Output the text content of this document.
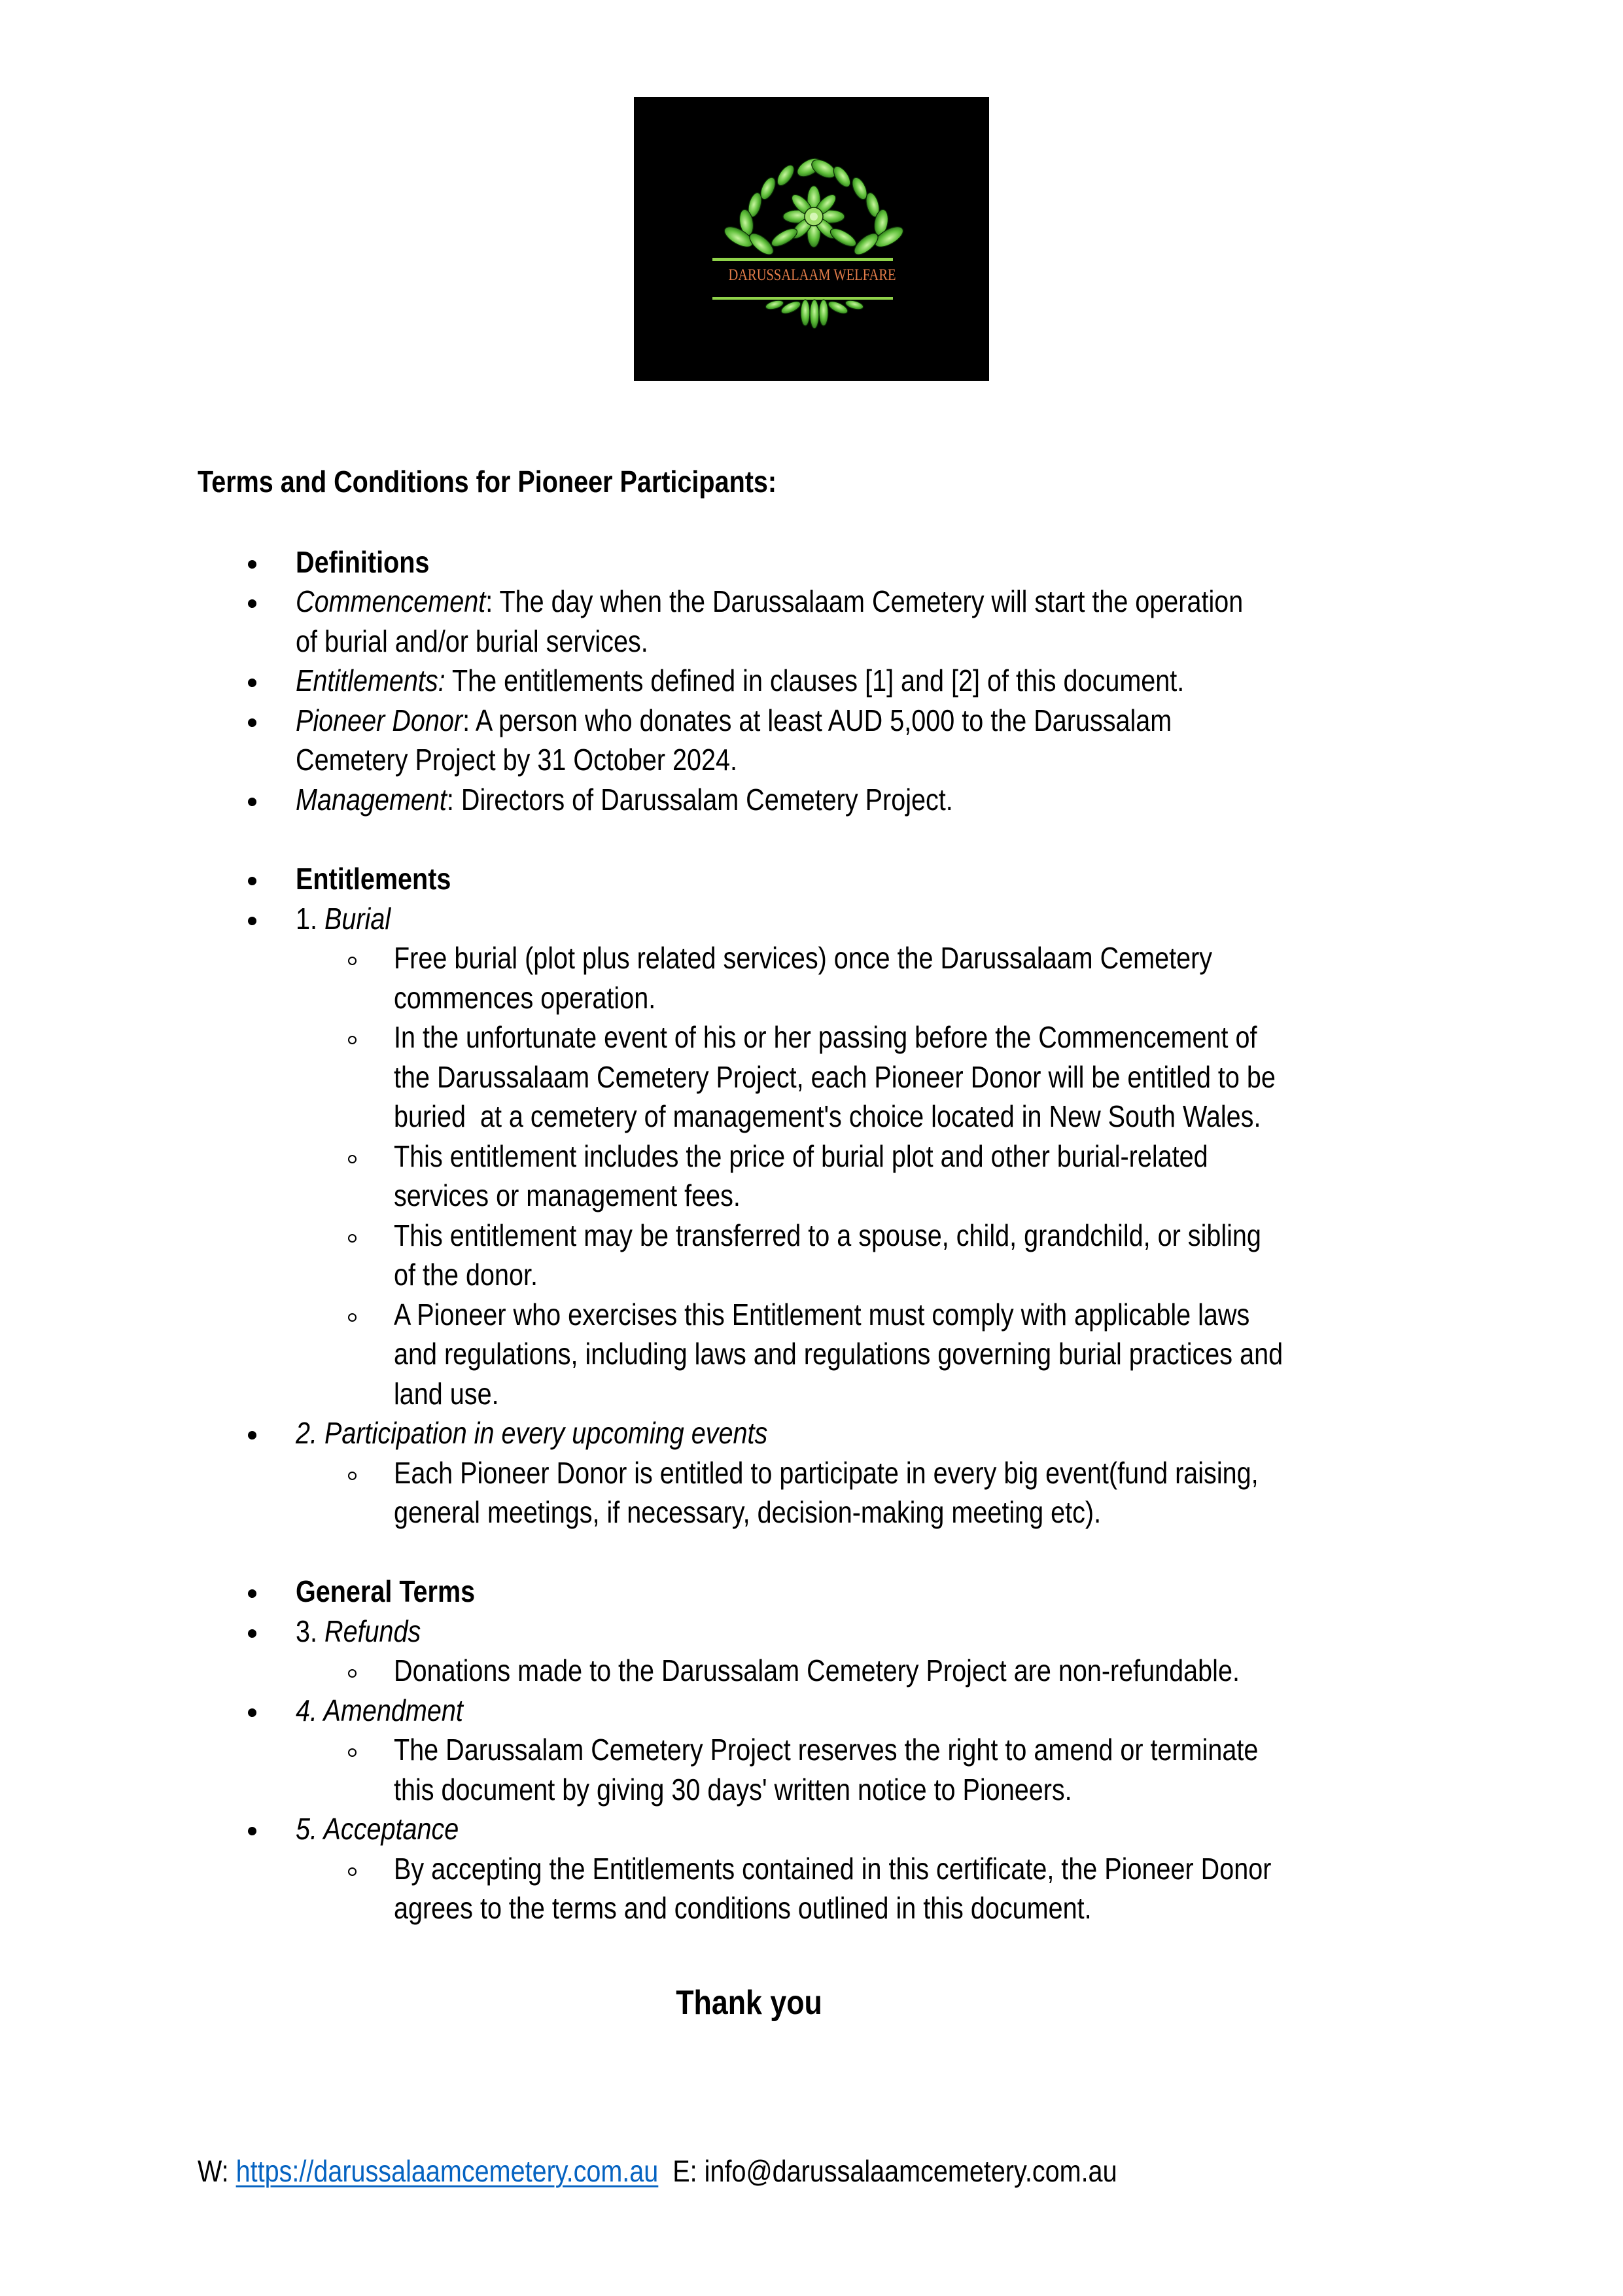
DARUSSALAAM WELFARE
Terms and Conditions for Pioneer Participants:
Definitions
Commencement: The day when the Darussalaam Cemetery will start the operation
of burial and/or burial services.
Entitlements: The entitlements defined in clauses [1] and [2] of this document.
Pioneer Donor: A person who donates at least AUD 5,000 to the Darussalam
Cemetery Project by 31 October 2024.
Management: Directors of Darussalam Cemetery Project.
Entitlements
1. Burial
Free burial (plot plus related services) once the Darussalaam Cemetery
commences operation.
In the unfortunate event of his or her passing before the Commencement of
the Darussalaam Cemetery Project, each Pioneer Donor will be entitled to be
buried  at a cemetery of management's choice located in New South Wales.
This entitlement includes the price of burial plot and other burial-related
services or management fees.
This entitlement may be transferred to a spouse, child, grandchild, or sibling
of the donor.
A Pioneer who exercises this Entitlement must comply with applicable laws
and regulations, including laws and regulations governing burial practices and
land use.
2. Participation in every upcoming events
Each Pioneer Donor is entitled to participate in every big event(fund raising,
general meetings, if necessary, decision-making meeting etc).
General Terms
3. Refunds
Donations made to the Darussalam Cemetery Project are non-refundable.
4. Amendment
The Darussalam Cemetery Project reserves the right to amend or terminate
this document by giving 30 days' written notice to Pioneers.
5. Acceptance
By accepting the Entitlements contained in this certificate, the Pioneer Donor
agrees to the terms and conditions outlined in this document.
Thank you
W: https://darussalaamcemetery.com.au E: info@darussalaamcemetery.com.au
